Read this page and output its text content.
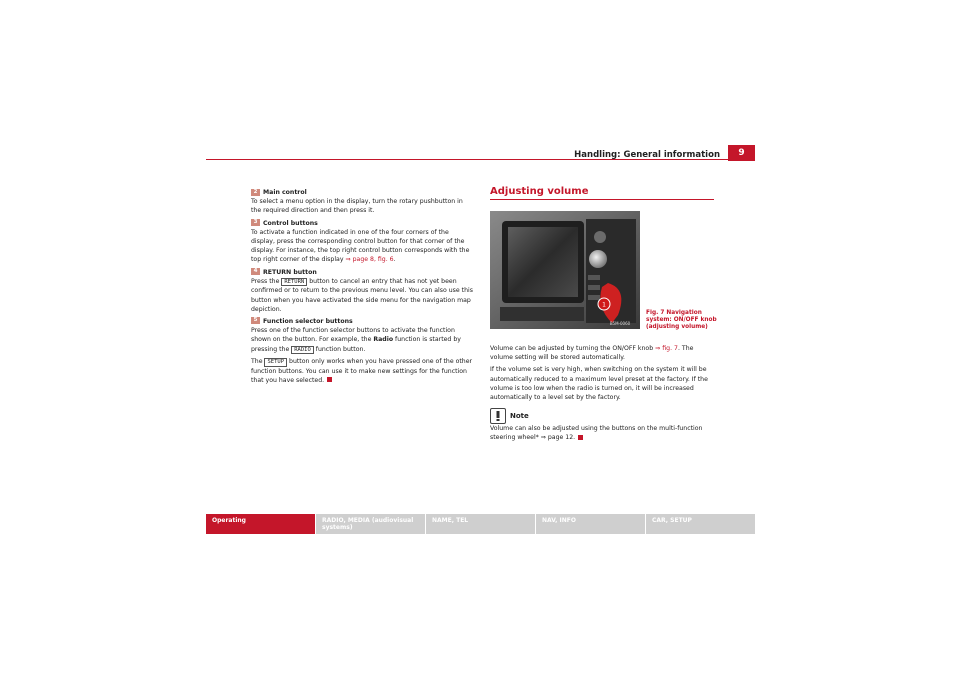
Handling: General information	9

2 Main control
To select a menu option in the display, turn the rotary pushbutton in the required direction and then press it.

3 Control buttons
To activate a function indicated in one of the four corners of the display, press the corresponding control button for that corner of the display. For instance, the top right control button corresponds with the top right corner of the display ⇒ page 8, fig. 6.

4 RETURN button
Press the RETURN button to cancel an entry that has not yet been confirmed or to return to the previous menu level. You can also use this button when you have activated the side menu for the navigation map depiction.

5 Function selector buttons
Press one of the function selector buttons to activate the function shown on the button. For example, the Radio function is started by pressing the RADIO function button.

The SETUP button only works when you have pressed one of the other function buttons. You can use it to make new settings for the function that you have selected.

Adjusting volume
1
B5M-0060
Fig. 7 Navigation system: ON/OFF knob (adjusting volume)

Volume can be adjusted by turning the ON/OFF knob ⇒ fig. 7. The volume setting will be stored automatically.

If the volume set is very high, when switching on the system it will be automatically reduced to a maximum level preset at the factory. If the volume is too low when the radio is turned on, it will be increased automatically to a level set by the factory.

Note
Volume can also be adjusted using the buttons on the multi-function steering wheel* ⇒ page 12.

Operating	RADIO, MEDIA (audiovisual systems)
NAME, TEL	NAV, INFO	CAR, SETUP
